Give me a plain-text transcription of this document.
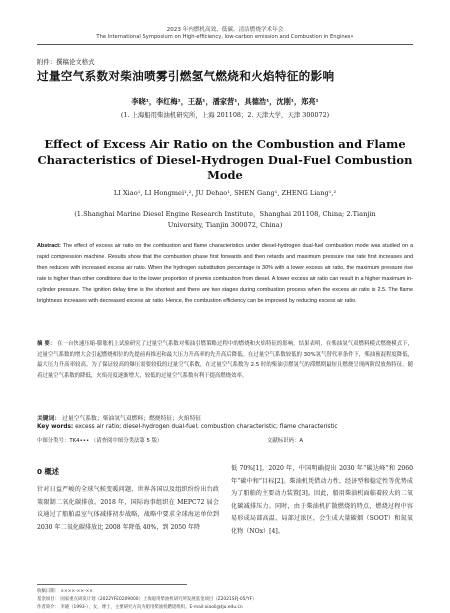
2023 年内燃机高效、低碳、清洁燃烧学术年会
The International Symposium on High-efficiency, low-carbon emission and Combustion in Engines•
附件：撰稿论文格式
过量空气系数对柴油喷雾引燃氢气燃烧和火焰特征的影响
李晓¹，李红梅¹，王磊¹，潘家营¹，具德浩¹，沈刚¹，郑亮¹
(1. 上海船用柴油机研究所，上海 201108；2. 天津大学，天津 300072)
Effect of Excess Air Ratio on the Combustion and Flame Characteristics of Diesel-Hydrogen Dual-Fuel Combustion Mode
LI Xiao¹, LI Hongmei¹,², JU Dehao¹, SHEN Gang¹, ZHENG Liang¹,²
(1.Shanghai Marine Diesel Engine Research Institute，Shanghai 201108, China; 2.Tianjin University, Tianjin 300072, China)
Abstract: The effect of excess air ratio on the combustion and flame characteristics under diesel-hydrogen dual-fuel combustion mode was studied on a rapid compression machine. Results show that the combustion phase first forwards and then retards and maximum pressure rise rate first increases and then reduces with increased excess air ratio. When the hydrogen substitution percentage is 30% with a lower excess air ratio, the maximum pressure rise rate is higher than other conditions due to the lower proportion of premix combustion from diesel. A lower excess air ratio can result in a higher maximum in-cylinder pressure. The ignition delay time is the shortest and there are two stages during combustion process when the excess air ratio is 2.5. The flame brightness increases with decreased excess air ratio. Hence, the combustion efficiency can be improved by reducing excess air ratio.
摘 要： 在一台快速压缩-膨胀机上试验研究了过量空气系数对柴油引燃策略过程中的燃烧和火焰特征的影响。结果表明，在柴油氢气双燃料模式燃烧模式下，过量空气系数的增大会引起燃烧相位的先提前再推迟和最大压力升高率的先升高后降低。在过量空气系数较低的 30%氢气替代率条件下，柴油预混程度降低，最大压力升高率较高。为了保证较高的爆压需要较低的过量空气系数，在过量空气系数为 2.5 时的柴油引燃氢气的滞燃期最短且燃烧呈现两阶段放热特征，随着过量空气系数的降低，火焰亮度逐渐增大，较低的过量空气系数有利于提高燃烧效率。
关键词： 过量空气系数；柴油氢气双燃料；燃烧特征；火焰特征
Key words: excess air ratio; diesel-hydrogen dual-fuel; combustion characteristic; flame characteristic
中图分类号：TK4••• （请查阅中图分类法第 5 版）	文献标识码：A
0 概述
针对日益严峻的全球气候变暖问题，世界各国以及组织纷纷出台政策限制二氧化碳排放。2018 年，国际海事组织在 MEPC72 届会议通过了船舶温室气体减排初步战略，战略中要求全球海运单位到 2030 年二氧化碳排放比 2008 年降低 40%，到 2050 年降
低 70%[1]，2020 年，中国明确提出 2030 年“碳达峰”和 2060 年“碳中和”目标[2]。柴油机凭借动力性、经济型和稳定性等优势成为了船舶的主要动力装置[3]。因此，船用柴油机面临着较大的二氧化碳减排压力。同时，由于柴油机扩散燃烧的特点，燃烧过程中容易形成局部高温、局部过浓区，会生成大量碳烟（SOOT）和氮氧化物（NOx）[4]。
收稿日期： ××××-××-××
基金项目： 国家重点研发计划（2022YFE0209000）上海船用柴油机研究所发展基金项目（Z2021SFJ-05/YF）
作者简介： 李晓（1993-），女，博士，主要研究方向为船用柴油机燃烧组织。E-mail:xiaoli@tju.edu.cn
